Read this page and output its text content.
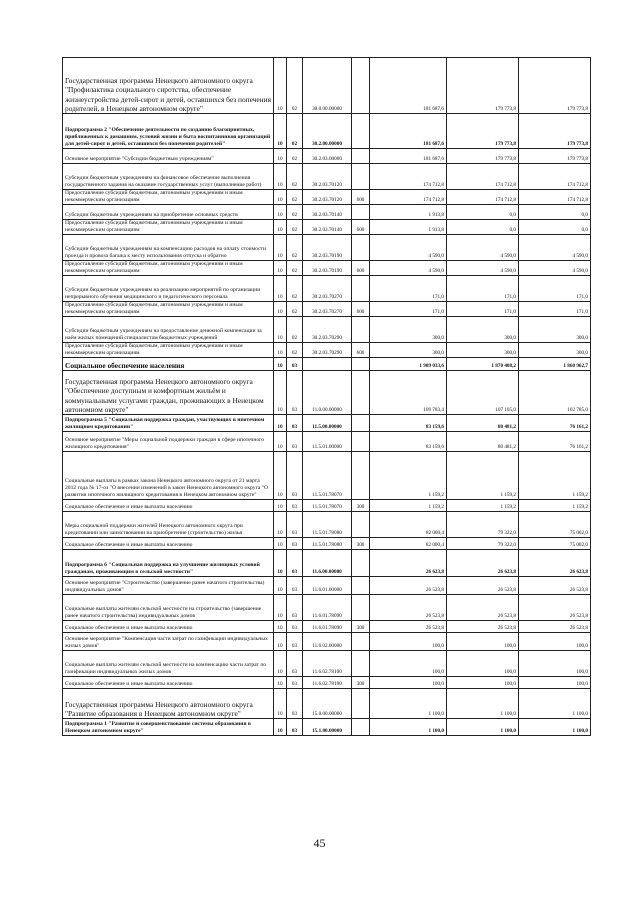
Государственная программа Ненецкого автономного округа "Профилактика социального сиротства, обеспечение жизнеустройства детей-сирот и детей, оставшихся без попечения родителей, в Ненецком автономном округе"	10	02	30.0.00.00000		181 687,6	179 773,8	179 773,8
Подпрограмма 2 "Обеспечение деятельности по созданию благоприятных, приближенных к домашним, условий жизни и быта воспитанников организаций для детей-сирот и детей, оставшихся без попечения родителей"	10	02	30.2.00.00000		181 687,6	179 773,8	179 773,8
Основное мероприятие "Субсидии бюджетным учреждениям"	10	02	30.2.03.00000		181 687,6	179 773,8	179 773,8
Субсидии бюджетным учреждениям на финансовое обеспечение выполнения государственного задания на оказание государственных услуг (выполнение работ)	10	02	30.2.03.70120		174 712,8	174 712,8	174 712,8
Предоставление субсидий бюджетным, автономным учреждениям и иным некоммерческим организациям	10	02	30.2.03.70120	600	174 712,8	174 712,8	174 712,8
Субсидии бюджетным учреждениям на приобретение основных средств	10	02	30.2.03.70140		1 913,8	0,0	0,0
Предоставление субсидий бюджетным, автономным учреждениям и иным некоммерческим организациям	10	02	30.2.03.70140	600	1 913,8	0,0	0,0
Субсидии бюджетным учреждениям на компенсацию расходов на оплату стоимости проезда и провоза багажа к месту использования отпуска и обратно	10	02	30.2.03.70190		4 590,0	4 590,0	4 590,0
Предоставление субсидий бюджетным, автономным учреждениям и иным некоммерческим организациям	10	02	30.2.03.70190	600	4 590,0	4 590,0	4 590,0
Субсидии бюджетным учреждениям на реализацию мероприятий по организации непрерывного обучения медицинского и педагогического персонала	10	02	30.2.03.70270		171,0	171,0	171,0
Предоставление субсидий бюджетным, автономным учреждениям и иным некоммерческим организациям	10	02	30.2.03.70270	600	171,0	171,0	171,0
Субсидии бюджетным учреждениям на предоставление денежной компенсации за наём жилых помещений специалистам бюджетных учреждений	10	02	30.2.03.70290		300,0	300,0	300,0
Предоставление субсидий бюджетным, автономным учреждениям и иным некоммерческим организациям	10	02	30.2.03.70290	600	300,0	300,0	300,0
Социальное обеспечение населения	10	03			1 909 033,6	1 870 408,2	1 860 962,7
Государственная программа Ненецкого автономного округа "Обеспечение доступным и комфортным жильём и коммунальными услугами граждан, проживающих в Ненецком автономном округе"	10	03	11.0.00.00000		109 783,4	107 105,0	102 785,0
Подпрограмма 5 "Социальная поддержка граждан, участвующих в ипотечном жилищном кредитовании"	10	03	11.5.00.00000		83 159,6	80 481,2	76 161,2
Основное мероприятие "Меры социальной поддержки граждан в сфере ипотечного жилищного кредитования"	10	03	11.5.01.00000		83 159,6	80 481,2	76 161,2
Социальные выплаты в рамках закона Ненецкого автономного округа от 21 марта 2012 года № 17-оз "О внесении изменений в закон Ненецкого автономного округа "О развитии ипотечного жилищного кредитования в Ненецком автономном округе"	10	03	11.5.01.78070		1 159,2	1 159,2	1 159,2
Социальное обеспечение и иные выплаты населению	10	03	11.5.01.78070	300	1 159,2	1 159,2	1 159,2
Меры социальной поддержки жителей Ненецкого автономного округа при кредитовании или заимствовании на приобретение (строительство) жилья	10	03	11.5.01.78080		82 000,4	79 322,0	75 002,0
Социальное обеспечение и иные выплаты населению	10	03	11.5.01.78080	300	82 000,4	79 322,0	75 002,0
Подпрограмма 6 "Социальная поддержка на улучшение жилищных условий гражданам, проживающим в сельской местности"	10	03	11.6.00.00000		26 623,8	26 623,8	26 623,8
Основное мероприятие "Строительство (завершение ранее начатого строительства) индивидуальных домов"	10	03	11.6.01.00000		26 523,8	26 523,8	26 523,8
Социальные выплаты жителям сельской местности на строительство (завершение ранее начатого строительства) индивидуальных домов	10	03	11.6.01.78090		26 523,8	26 523,8	26 523,8
Социальное обеспечение и иные выплаты населению	10	03	11.6.01.78090	300	26 523,8	26 523,8	26 523,8
Основное мероприятие "Компенсация части затрат по газификации индивидуальных жилых домов"	10	03	11.6.02.00000		100,0	100,0	100,0
Социальные выплаты жителям сельской местности на компенсацию части затрат по газификации индивидуальных жилых домов	10	03	11.6.02.78100		100,0	100,0	100,0
Социальное обеспечение и иные выплаты населению	10	03	11.6.02.78100	300	100,0	100,0	100,0
Государственная программа Ненецкого автономного округа "Развитие образования в Ненецком автономном округе"	10	03	15.0.00.00000		1 100,0	1 100,0	1 100,0
Подпрограмма 1 "Развитие и совершенствование системы образования в Ненецком автономном округе"	10	03	15.1.00.00000		1 100,0	1 100,0	1 100,0
45
